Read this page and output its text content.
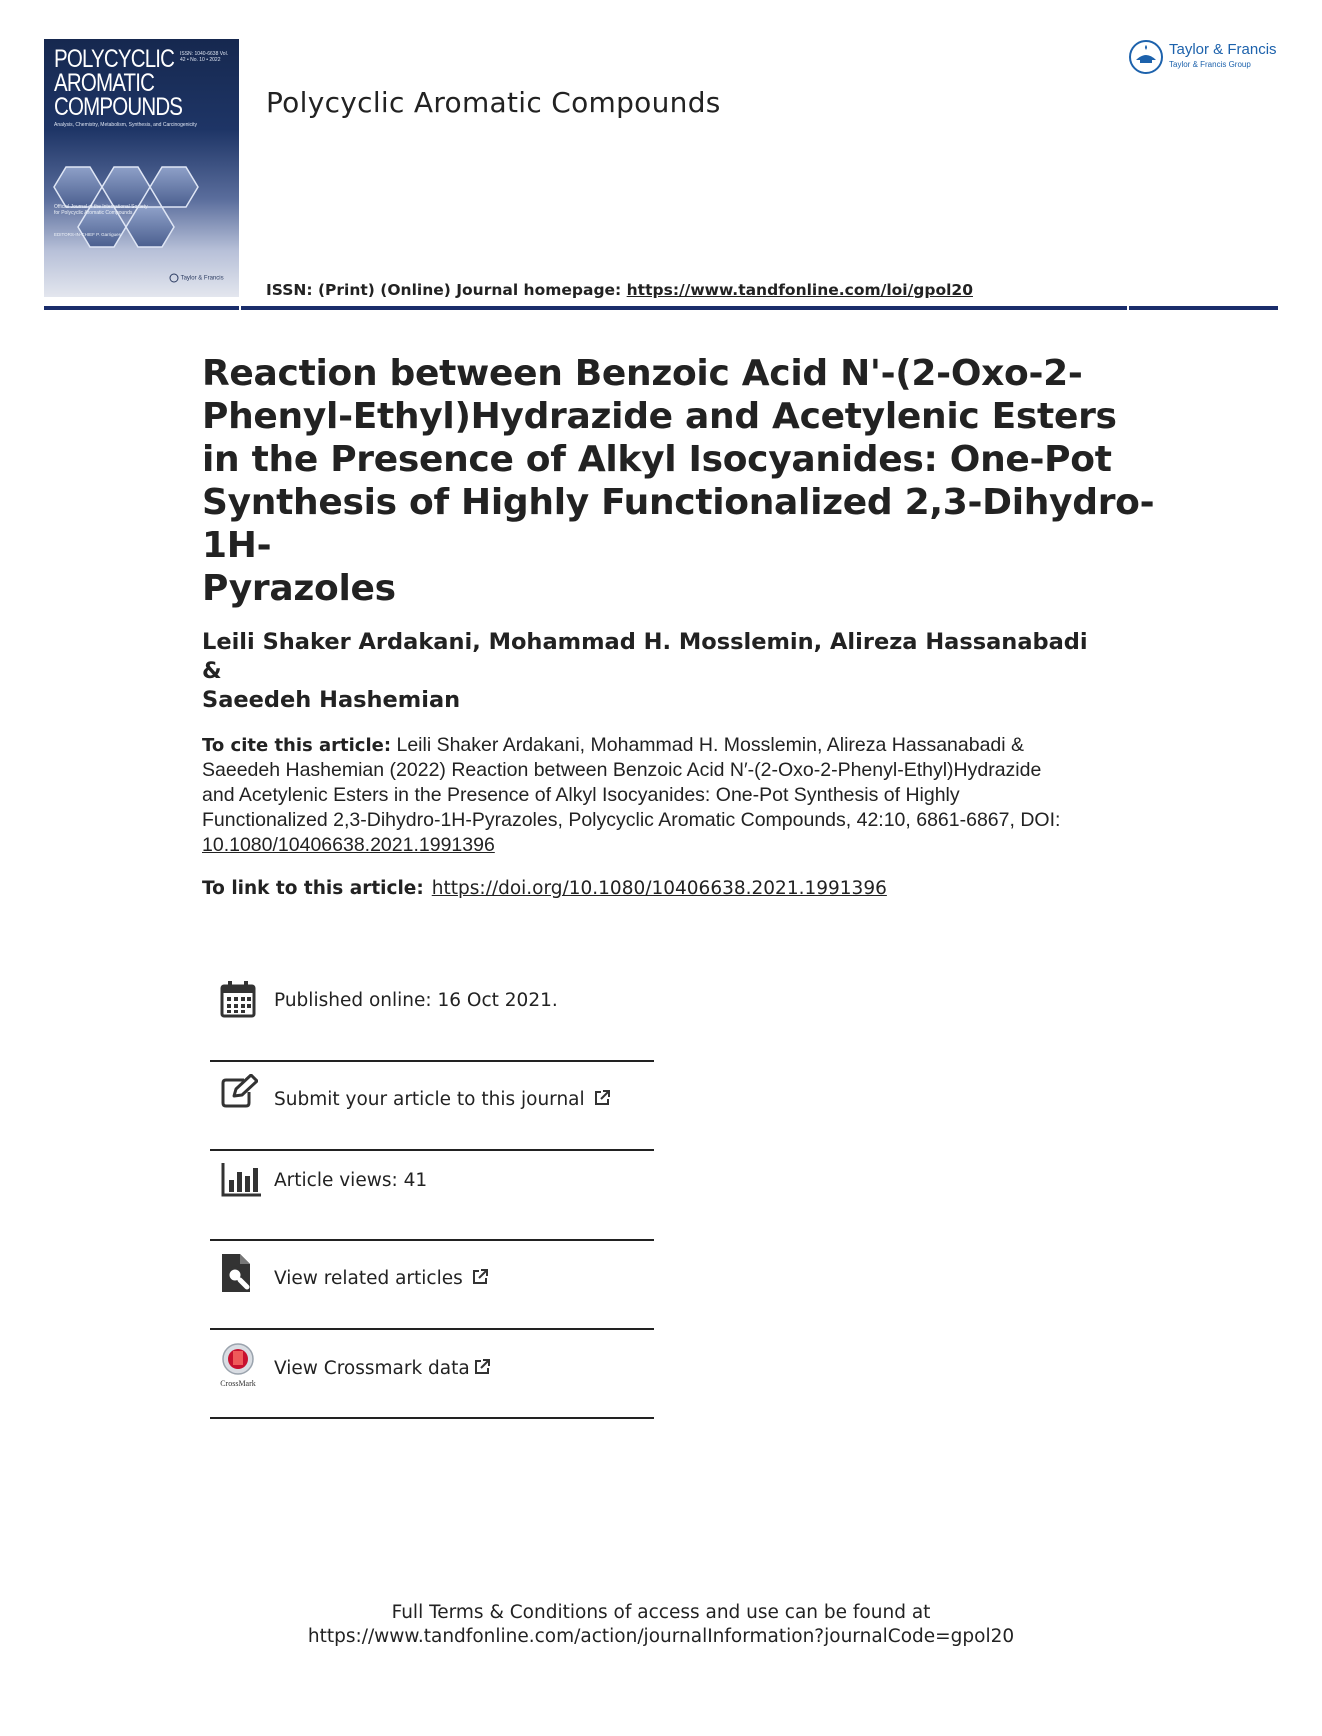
POLYCYCLIC
AROMATIC
COMPOUNDS
ISSN: 1040-6638 Vol. 42 • No. 10 • 2022
Analysis, Chemistry, Metabolism, Synthesis, and Carcinogenicity
Official Journal of the International Society for Polycyclic Aromatic Compounds
EDITORS-IN-CHIEF P. Garrigues
Taylor & Francis
Polycyclic Aromatic Compounds
Taylor & Francis
Taylor & Francis Group
ISSN: (Print) (Online) Journal homepage: https://www.tandfonline.com/loi/gpol20
Reaction between Benzoic Acid N'-(2-Oxo-2-
Phenyl-Ethyl)Hydrazide and Acetylenic Esters
in the Presence of Alkyl Isocyanides: One-Pot
Synthesis of Highly Functionalized 2,3-Dihydro-1H-
Pyrazoles
Leili Shaker Ardakani, Mohammad H. Mosslemin, Alireza Hassanabadi &
Saeedeh Hashemian
To cite this article: Leili Shaker Ardakani, Mohammad H. Mosslemin, Alireza Hassanabadi &
Saeedeh Hashemian (2022) Reaction between Benzoic Acid N′-(2-Oxo-2-Phenyl-Ethyl)Hydrazide
and Acetylenic Esters in the Presence of Alkyl Isocyanides: One-Pot Synthesis of Highly
Functionalized 2,3-Dihydro-1H-Pyrazoles, Polycyclic Aromatic Compounds, 42:10, 6861-6867, DOI:
10.1080/10406638.2021.1991396
To link to this article: https://doi.org/10.1080/10406638.2021.1991396
Published online: 16 Oct 2021.
Submit your article to this journal
Article views: 41
View related articles
CrossMark
View Crossmark data
Full Terms & Conditions of access and use can be found at
https://www.tandfonline.com/action/journalInformation?journalCode=gpol20
